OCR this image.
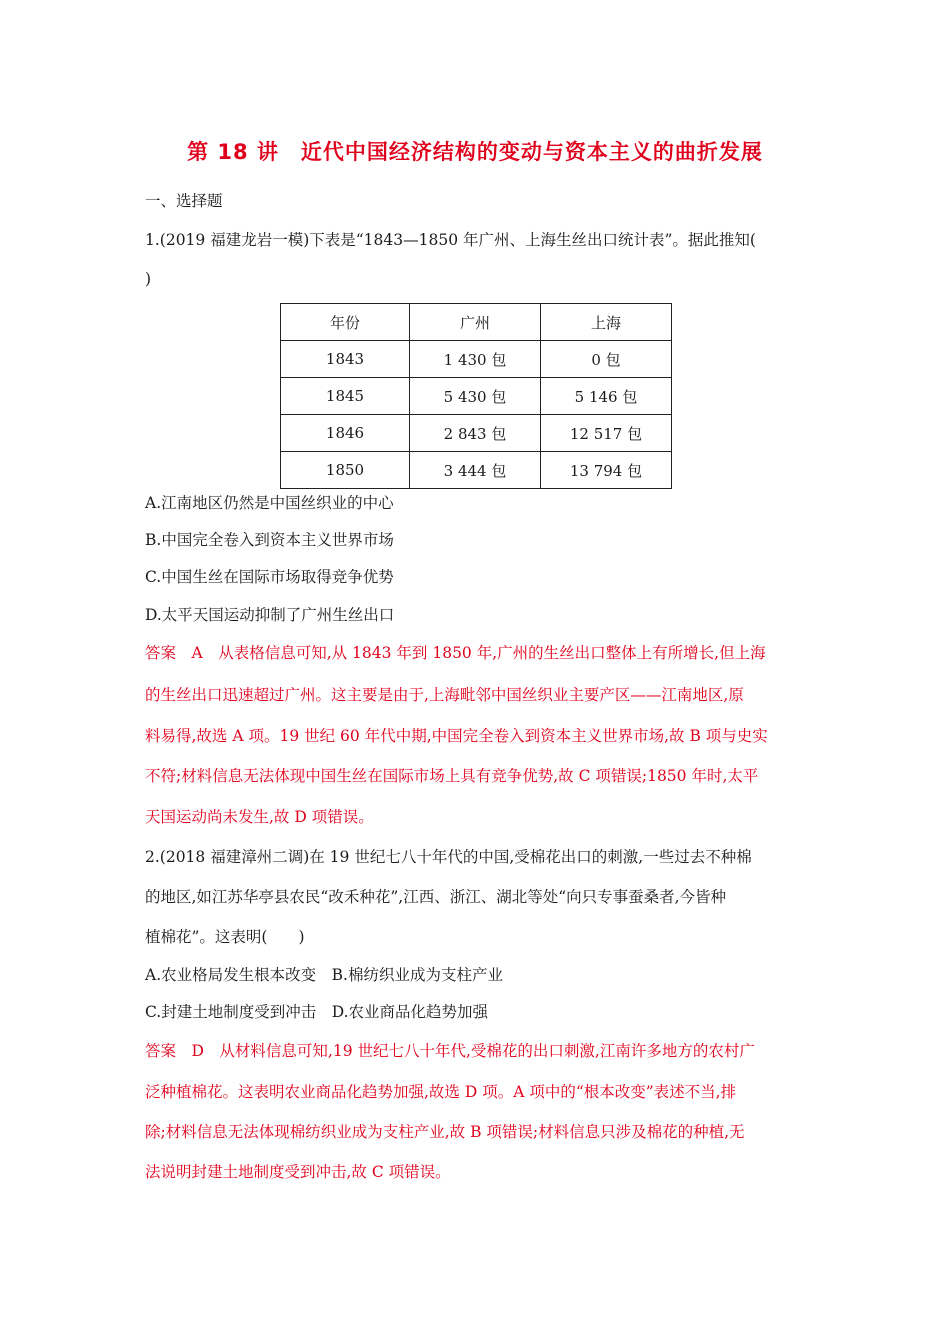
第 18 讲　近代中国经济结构的变动与资本主义的曲折发展
一、选择题
1.(2019 福建龙岩一模)下表是“1843—1850 年广州、上海生丝出口统计表”。据此推知(
)
年份	广州	上海
1843	1 430 包	0 包
1845	5 430 包	5 146 包
1846	2 843 包	12 517 包
1850	3 444 包	13 794 包
A.江南地区仍然是中国丝织业的中心
B.中国完全卷入到资本主义世界市场
C.中国生丝在国际市场取得竞争优势
D.太平天国运动抑制了广州生丝出口
答案　A　从表格信息可知,从 1843 年到 1850 年,广州的生丝出口整体上有所增长,但上海
的生丝出口迅速超过广州。这主要是由于,上海毗邻中国丝织业主要产区——江南地区,原
料易得,故选 A 项。19 世纪 60 年代中期,中国完全卷入到资本主义世界市场,故 B 项与史实
不符;材料信息无法体现中国生丝在国际市场上具有竞争优势,故 C 项错误;1850 年时,太平
天国运动尚未发生,故 D 项错误。
2.(2018 福建漳州二调)在 19 世纪七八十年代的中国,受棉花出口的刺激,一些过去不种棉
的地区,如江苏华亭县农民“改禾种花”,江西、浙江、湖北等处“向只专事蚕桑者,今皆种
植棉花”。这表明(　　)
A.农业格局发生根本改变　B.棉纺织业成为支柱产业
C.封建土地制度受到冲击　D.农业商品化趋势加强
答案　D　从材料信息可知,19 世纪七八十年代,受棉花的出口刺激,江南许多地方的农村广
泛种植棉花。这表明农业商品化趋势加强,故选 D 项。A 项中的“根本改变”表述不当,排
除;材料信息无法体现棉纺织业成为支柱产业,故 B 项错误;材料信息只涉及棉花的种植,无
法说明封建土地制度受到冲击,故 C 项错误。
